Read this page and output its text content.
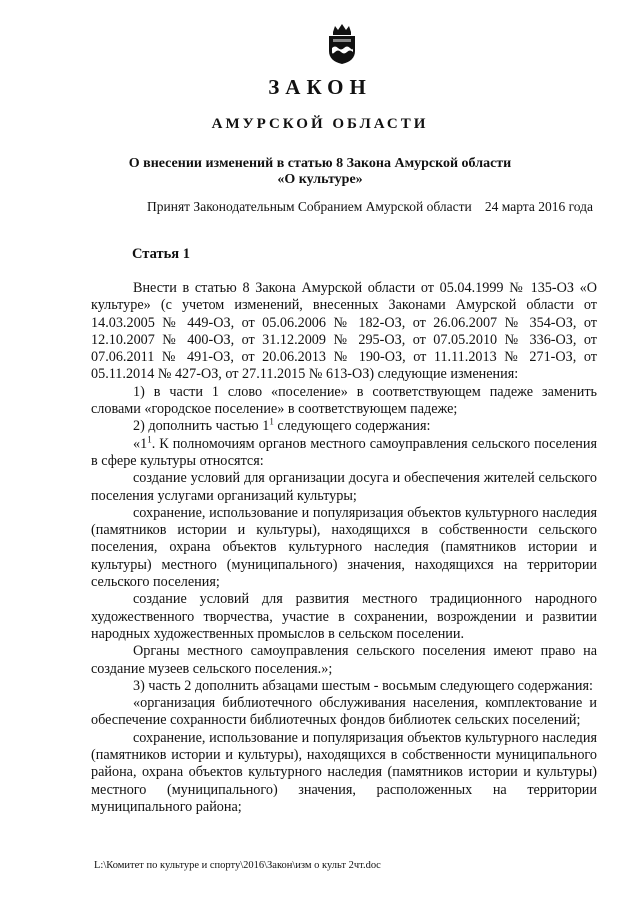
ЗАКОН
АМУРСКОЙ ОБЛАСТИ
О внесении изменений в статью 8 Закона Амурской области
«О культуре»
Принят Законодательным Собранием Амурской области 24 марта 2016 года
Статья 1

Внести в статью 8 Закона Амурской области от 05.04.1999 № 135-ОЗ «О культуре» (с учетом изменений, внесенных Законами Амурской области от 14.03.2005 № 449-ОЗ, от 05.06.2006 № 182-ОЗ, от 26.06.2007 № 354-ОЗ, от 12.10.2007 № 400-ОЗ, от 31.12.2009 № 295-ОЗ, от 07.05.2010 № 336-ОЗ, от 07.06.2011 № 491-ОЗ, от 20.06.2013 № 190-ОЗ, от 11.11.2013 № 271-ОЗ, от 05.11.2014 № 427-ОЗ, от 27.11.2015 № 613-ОЗ) следующие изменения:

1) в части 1 слово «поселение» в соответствующем падеже заменить словами «городское поселение» в соответствующем падеже;

2) дополнить частью $1^1$ следующего содержания:

«$1^1$. К полномочиям органов местного самоуправления сельского поселения в сфере культуры относятся:

создание условий для организации досуга и обеспечения жителей сельского поселения услугами организаций культуры;

сохранение, использование и популяризация объектов культурного наследия (памятников истории и культуры), находящихся в собственности сельского поселения, охрана объектов культурного наследия (памятников истории и культуры) местного (муниципального) значения, находящихся на территории сельского поселения;

создание условий для развития местного традиционного народного художественного творчества, участие в сохранении, возрождении и развитии народных художественных промыслов в сельском поселении.

Органы местного самоуправления сельского поселения имеют право на создание музеев сельского поселения.»;

3) часть 2 дополнить абзацами шестым - восьмым следующего содержания:

«организация библиотечного обслуживания населения, комплектование и обеспечение сохранности библиотечных фондов библиотек сельских поселений;

сохранение, использование и популяризация объектов культурного наследия (памятников истории и культуры), находящихся в собственности муниципального района, охрана объектов культурного наследия (памятников истории и культуры) местного (муниципального) значения, расположенных на территории муниципального района;

L:\Комитет по культуре и спорту\2016\Закон\изм о культ 2чт.doc
